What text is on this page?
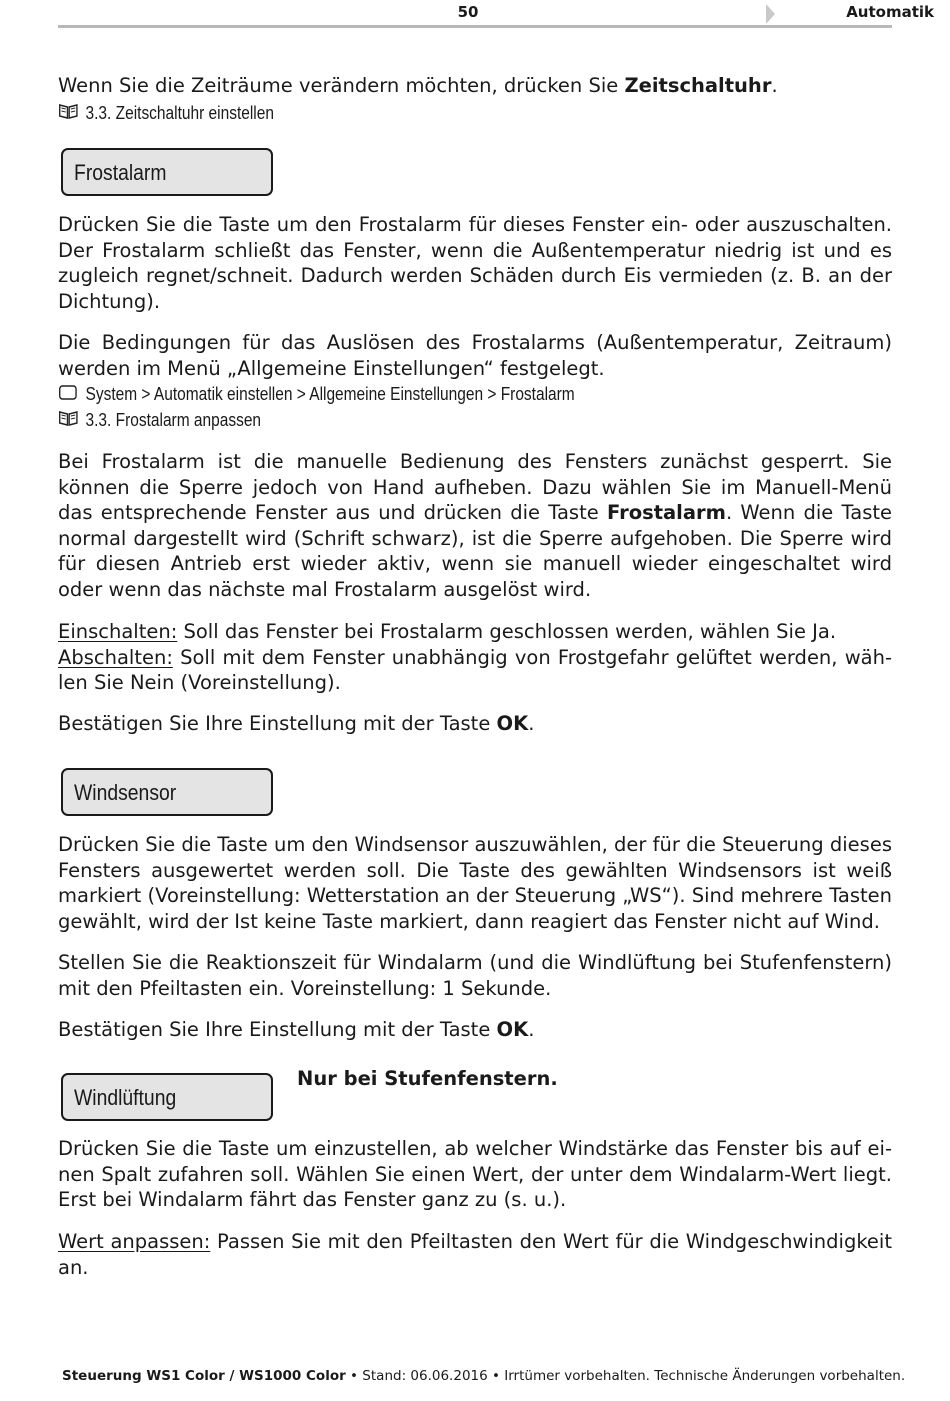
50	Automatik

Wenn Sie die Zeiträume verändern möchten, drücken Sie Zeitschaltuhr.

3.3. Zeitschaltuhr einstellen
Frostalarm

Drücken Sie die Taste um den Frostalarm für dieses Fenster ein- oder auszuschalten. Der Frostalarm schließt das Fenster, wenn die Außentemperatur niedrig ist und es zugleich regnet/schneit. Dadurch werden Schäden durch Eis vermieden (z. B. an der Dichtung).

Die Bedingungen für das Auslösen des Frostalarms (Außentemperatur, Zeitraum) werden im Menü „Allgemeine Einstellungen“ festgelegt.

System > Automatik einstellen > Allgemeine Einstellungen > Frostalarm
3.3. Frostalarm anpassen

Bei Frostalarm ist die manuelle Bedienung des Fensters zunächst gesperrt. Sie können die Sperre jedoch von Hand aufheben. Dazu wählen Sie im Manuell-Menü das entsprechende Fenster aus und drücken die Taste Frostalarm. Wenn die Taste normal dargestellt wird (Schrift schwarz), ist die Sperre aufgehoben. Die Sperre wird für diesen Antrieb erst wieder aktiv, wenn sie manuell wieder eingeschaltet wird oder wenn das nächste mal Frostalarm ausgelöst wird.

Einschalten: Soll das Fenster bei Frostalarm geschlossen werden, wählen Sie Ja.
Abschalten: Soll mit dem Fenster unabhängig von Frostgefahr gelüftet werden, wählen Sie Nein (Voreinstellung).

Bestätigen Sie Ihre Einstellung mit der Taste OK.

Windsensor

Drücken Sie die Taste um den Windsensor auszuwählen, der für die Steuerung dieses Fensters ausgewertet werden soll. Die Taste des gewählten Windsensors ist weiß markiert (Voreinstellung: Wetterstation an der Steuerung „WS“). Sind mehrere Tasten gewählt, wird der Ist keine Taste markiert, dann reagiert das Fenster nicht auf Wind.

Stellen Sie die Reaktionszeit für Windalarm (und die Windlüftung bei Stufenfenstern) mit den Pfeiltasten ein. Voreinstellung: 1 Sekunde.

Bestätigen Sie Ihre Einstellung mit der Taste OK.

Windlüftung
Nur bei Stufenfenstern.

Drücken Sie die Taste um einzustellen, ab welcher Windstärke das Fenster bis auf einen Spalt zufahren soll. Wählen Sie einen Wert, der unter dem Windalarm-Wert liegt. Erst bei Windalarm fährt das Fenster ganz zu (s. u.).

Wert anpassen: Passen Sie mit den Pfeiltasten den Wert für die Windgeschwindigkeit an.

Steuerung WS1 Color / WS1000 Color • Stand: 06.06.2016 • Irrtümer vorbehalten. Technische Änderungen vorbehalten.
